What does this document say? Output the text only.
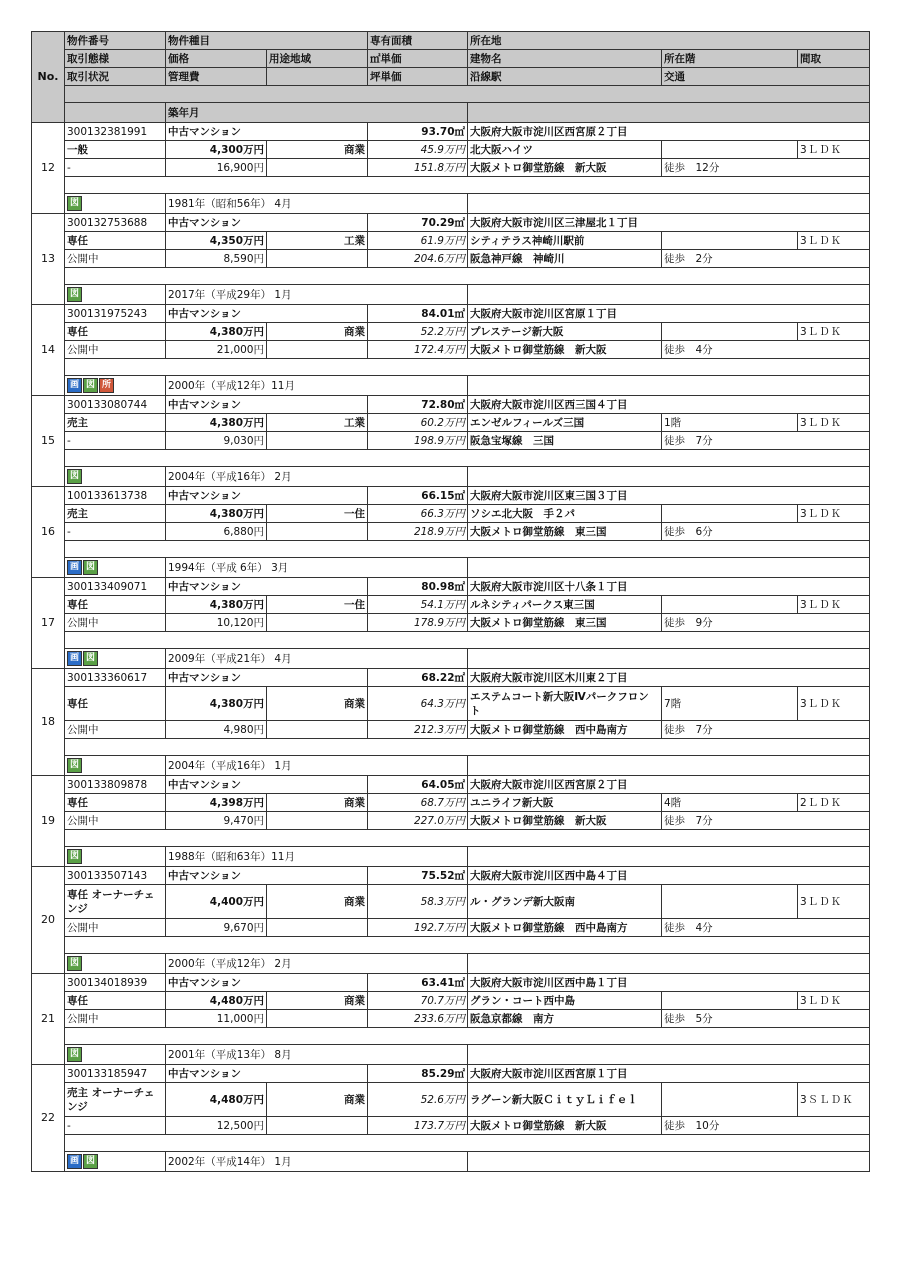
No.	物件番号	物件種目		専有面積	所在地		
	取引態様	価格	用途地域	㎡単価	建物名	所在階	間取
	取引状況	管理費		坪単価	沿線駅	交通	

		築年月					
12	300132381991	中古マンション		93.70㎡	大阪府大阪市淀川区西宮原２丁目		
	一般	4,300万円	商業	45.9万円	北大阪ハイツ		3ＬＤＫ
	-	16,900円		151.8万円	大阪メトロ御堂筋線　新大阪	徒歩　12分	

	図	1981年（昭和56年） 4月					
13	300132753688	中古マンション		70.29㎡	大阪府大阪市淀川区三津屋北１丁目		
	専任	4,350万円	工業	61.9万円	シティテラス神崎川駅前		3ＬＤＫ
	公開中	8,590円		204.6万円	阪急神戸線　神崎川	徒歩　2分	

	図	2017年（平成29年） 1月					
14	300131975243	中古マンション		84.01㎡	大阪府大阪市淀川区宮原１丁目		
	専任	4,380万円	商業	52.2万円	プレステージ新大阪		3ＬＤＫ
	公開中	21,000円		172.4万円	大阪メトロ御堂筋線　新大阪	徒歩　4分	

	画 図 所	2000年（平成12年）11月					
15	300133080744	中古マンション		72.80㎡	大阪府大阪市淀川区西三国４丁目		
	売主	4,380万円	工業	60.2万円	エンゼルフィールズ三国	1階	3ＬＤＫ
	-	9,030円		198.9万円	阪急宝塚線　三国	徒歩　7分	

	図	2004年（平成16年） 2月					
16	100133613738	中古マンション		66.15㎡	大阪府大阪市淀川区東三国３丁目		
	売主	4,380万円	一住	66.3万円	ソシエ北大阪　手２パ		3ＬＤＫ
	-	6,880円		218.9万円	大阪メトロ御堂筋線　東三国	徒歩　6分	

	画 図	1994年（平成 6年） 3月					
17	300133409071	中古マンション		80.98㎡	大阪府大阪市淀川区十八条１丁目		
	専任	4,380万円	一住	54.1万円	ルネシティパークス東三国		3ＬＤＫ
	公開中	10,120円		178.9万円	大阪メトロ御堂筋線　東三国	徒歩　9分	

	画 図	2009年（平成21年） 4月					
18	300133360617	中古マンション		68.22㎡	大阪府大阪市淀川区木川東２丁目		
	専任	4,380万円	商業	64.3万円	エステムコート新大阪Ⅳパークフロント	7階	3ＬＤＫ
	公開中	4,980円		212.3万円	大阪メトロ御堂筋線　西中島南方	徒歩　7分	

	図	2004年（平成16年） 1月					
19	300133809878	中古マンション		64.05㎡	大阪府大阪市淀川区西宮原２丁目		
	専任	4,398万円	商業	68.7万円	ユニライフ新大阪	4階	2ＬＤＫ
	公開中	9,470円		227.0万円	大阪メトロ御堂筋線　新大阪	徒歩　7分	

	図	1988年（昭和63年）11月					
20	300133507143	中古マンション		75.52㎡	大阪府大阪市淀川区西中島４丁目		
	専任 オーナーチェンジ	4,400万円	商業	58.3万円	ル・グランデ新大阪南		3ＬＤＫ
	公開中	9,670円		192.7万円	大阪メトロ御堂筋線　西中島南方	徒歩　4分	

	図	2000年（平成12年） 2月					
21	300134018939	中古マンション		63.41㎡	大阪府大阪市淀川区西中島１丁目		
	専任	4,480万円	商業	70.7万円	グラン・コート西中島		3ＬＤＫ
	公開中	11,000円		233.6万円	阪急京都線　南方	徒歩　5分	

	図	2001年（平成13年） 8月					
22	300133185947	中古マンション		85.29㎡	大阪府大阪市淀川区西宮原１丁目		
	売主 オーナーチェンジ	4,480万円	商業	52.6万円	ラグーン新大阪ＣｉｔｙＬｉｆｅｌ		3ＳＬＤＫ
	-	12,500円		173.7万円	大阪メトロ御堂筋線　新大阪	徒歩　10分	

	画 図	2002年（平成14年） 1月					
